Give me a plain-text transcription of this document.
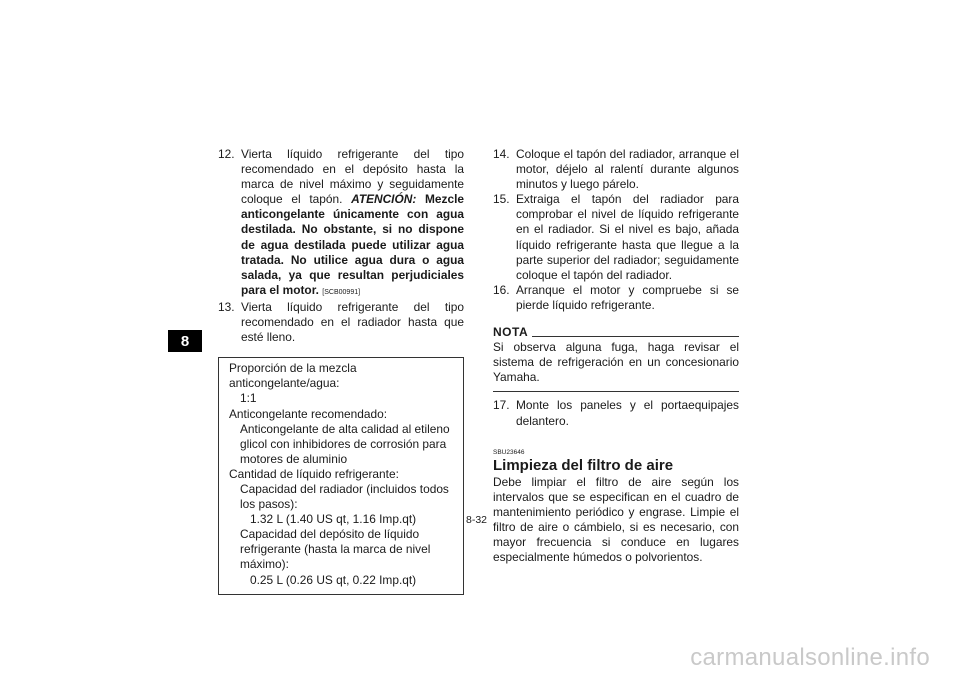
8
12. Vierta líquido refrigerante del tipo recomendado en el depósito hasta la marca de nivel máximo y seguidamente coloque el tapón. ATENCIÓN: Mezcle anticongelante únicamente con agua destilada. No obstante, si no dispone de agua destilada puede utilizar agua tratada. No utilice agua dura o agua salada, ya que resultan perjudiciales para el motor. [SCB00991]
13. Vierta líquido refrigerante del tipo recomendado en el radiador hasta que esté lleno.
Proporción de la mezcla anticongelante/agua:
1:1
Anticongelante recomendado:
Anticongelante de alta calidad al etileno glicol con inhibidores de corrosión para motores de aluminio
Cantidad de líquido refrigerante:
Capacidad del radiador (incluidos todos los pasos):
1.32 L (1.40 US qt, 1.16 Imp.qt)
Capacidad del depósito de líquido refrigerante (hasta la marca de nivel máximo):
0.25 L (0.26 US qt, 0.22 Imp.qt)
14. Coloque el tapón del radiador, arranque el motor, déjelo al ralentí durante algunos minutos y luego párelo.
15. Extraiga el tapón del radiador para comprobar el nivel de líquido refrigerante en el radiador. Si el nivel es bajo, añada líquido refrigerante hasta que llegue a la parte superior del radiador; seguidamente coloque el tapón del radiador.
16. Arranque el motor y compruebe si se pierde líquido refrigerante.
NOTA
Si observa alguna fuga, haga revisar el sistema de refrigeración en un concesionario Yamaha.
17. Monte los paneles y el portaequipajes delantero.
SBU23646
Limpieza del filtro de aire
Debe limpiar el filtro de aire según los intervalos que se especifican en el cuadro de mantenimiento periódico y engrase. Limpie el filtro de aire o cámbielo, si es necesario, con mayor frecuencia si conduce en lugares especialmente húmedos o polvorientos.
8-32
carmanualsonline.info
